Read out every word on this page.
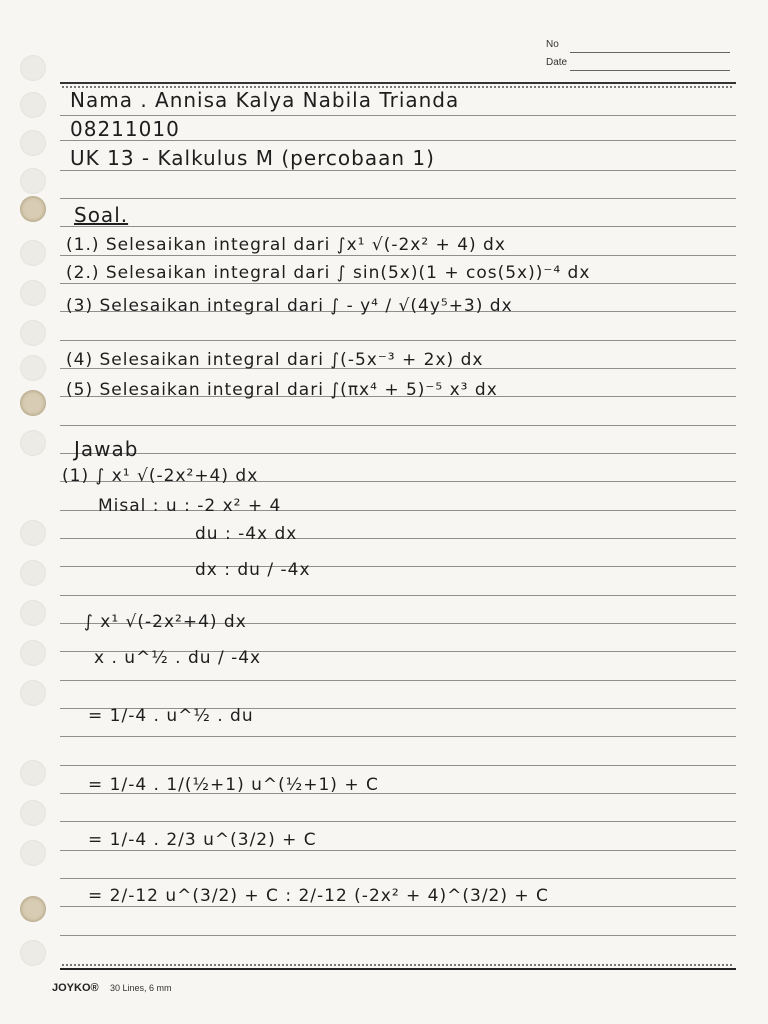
No
Date
Nama . Annisa Kalya Nabila Trianda
08211010
UK 13 - Kalkulus M (percobaan 1)
Soal.
(1.) Selesaikan integral dari ∫x¹ √(-2x² + 4) dx
(2.) Selesaikan integral dari ∫ sin(5x)(1 + cos(5x))⁻⁴ dx
(3) Selesaikan integral dari ∫ - y⁴ / √(4y⁵+3) dx
(4) Selesaikan integral dari ∫(-5x⁻³ + 2x) dx
(5) Selesaikan integral dari ∫(πx⁴ + 5)⁻⁵ x³ dx
Jawab
(1) ∫ x¹ √(-2x²+4) dx
Misal : u : -2 x² + 4
du : -4x dx
dx : du / -4x
∫ x¹ √(-2x²+4) dx
x . u^½ . du / -4x
= 1/-4 . u^½ . du
= 1/-4 . 1/(½+1) u^(½+1) + C
= 1/-4 . 2/3 u^(3/2) + C
= 2/-12 u^(3/2) + C : 2/-12 (-2x² + 4)^(3/2) + C
JOYKO® 30 Lines, 6 mm
